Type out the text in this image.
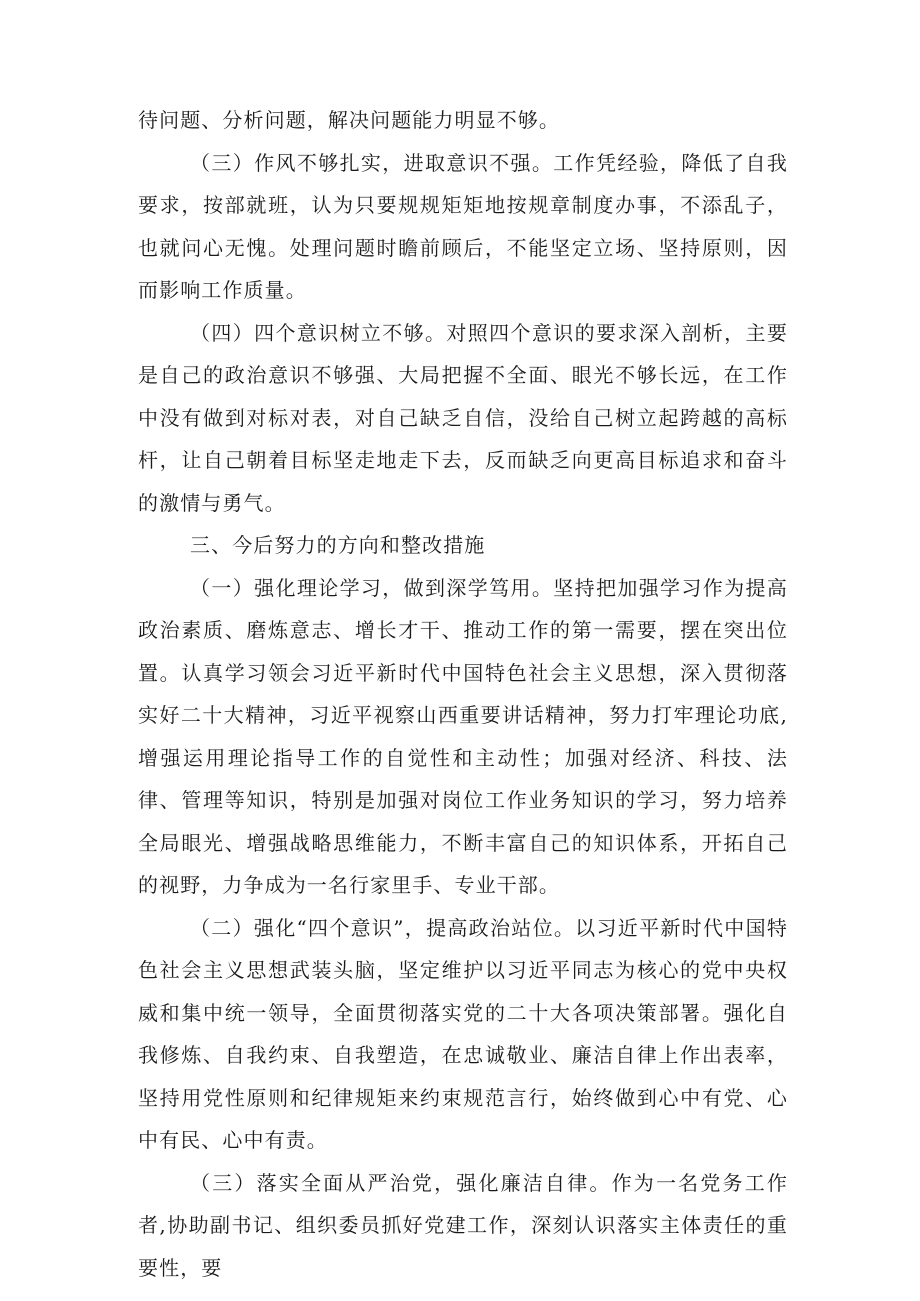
待问题、分析问题，解决问题能力明显不够。

（三）作风不够扎实，进取意识不强。工作凭经验，降低了自我要求，按部就班，认为只要规规矩矩地按规章制度办事，不添乱子，也就问心无愧。处理问题时瞻前顾后，不能坚定立场、坚持原则，因而影响工作质量。

（四）四个意识树立不够。对照四个意识的要求深入剖析，主要是自己的政治意识不够强、大局把握不全面、眼光不够长远，在工作中没有做到对标对表，对自己缺乏自信，没给自己树立起跨越的高标杆，让自己朝着目标坚走地走下去，反而缺乏向更高目标追求和奋斗的激情与勇气。

三、今后努力的方向和整改措施

（一）强化理论学习，做到深学笃用。坚持把加强学习作为提高政治素质、磨炼意志、增长才干、推动工作的第一需要，摆在突出位置。认真学习领会习近平新时代中国特色社会主义思想，深入贯彻落实好二十大精神，习近平视察山西重要讲话精神，努力打牢理论功底,增强运用理论指导工作的自觉性和主动性；加强对经济、科技、法律、管理等知识，特别是加强对岗位工作业务知识的学习，努力培养全局眼光、增强战略思维能力，不断丰富自己的知识体系，开拓自己的视野，力争成为一名行家里手、专业干部。

（二）强化“四个意识”，提高政治站位。以习近平新时代中国特色社会主义思想武装头脑，坚定维护以习近平同志为核心的党中央权威和集中统一领导，全面贯彻落实党的二十大各项决策部署。强化自我修炼、自我约束、自我塑造，在忠诚敬业、廉洁自律上作出表率，坚持用党性原则和纪律规矩来约束规范言行，始终做到心中有党、心中有民、心中有责。

（三）落实全面从严治党，强化廉洁自律。作为一名党务工作者,协助副书记、组织委员抓好党建工作，深刻认识落实主体责任的重要性，要
